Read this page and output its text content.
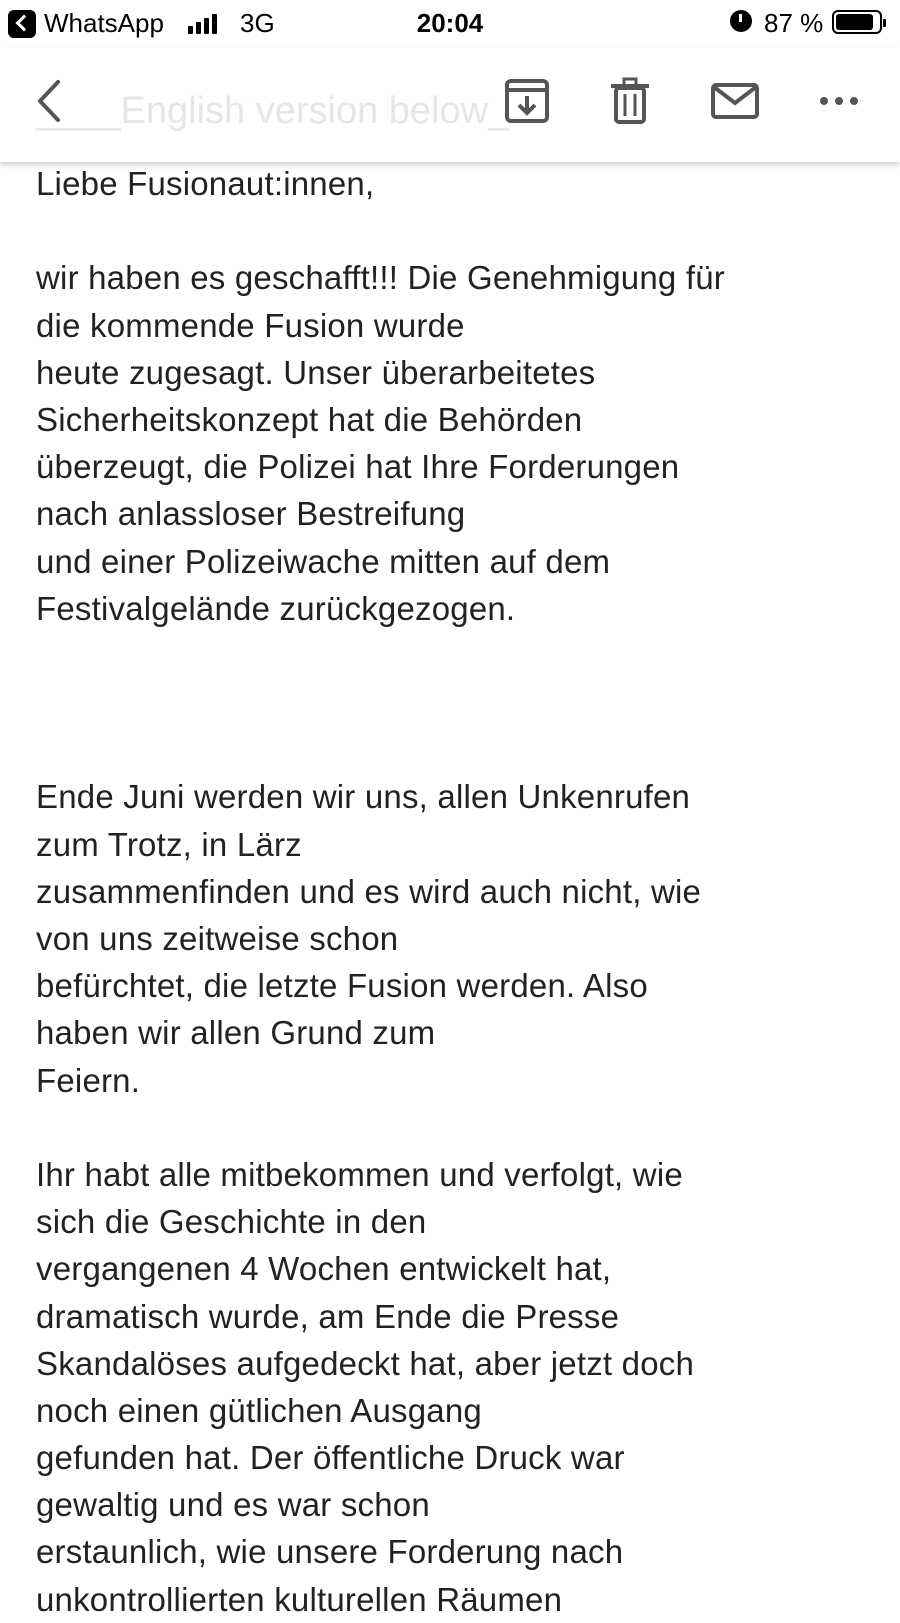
WhatsApp	3G	20:04	87 %
____English version below_
Liebe Fusionaut:innen,
wir haben es geschafft!!! Die Genehmigung für
die kommende Fusion wurde
heute zugesagt. Unser überarbeitetes
Sicherheitskonzept hat die Behörden
überzeugt, die Polizei hat Ihre Forderungen
nach anlassloser Bestreifung
und einer Polizeiwache mitten auf dem
Festivalgelände zurückgezogen.
Ende Juni werden wir uns, allen Unkenrufen
zum Trotz, in Lärz
zusammenfinden und es wird auch nicht, wie
von uns zeitweise schon
befürchtet, die letzte Fusion werden. Also
haben wir allen Grund zum
Feiern.
Ihr habt alle mitbekommen und verfolgt, wie
sich die Geschichte in den
vergangenen 4 Wochen entwickelt hat,
dramatisch wurde, am Ende die Presse
Skandalöses aufgedeckt hat, aber jetzt doch
noch einen gütlichen Ausgang
gefunden hat. Der öffentliche Druck war
gewaltig und es war schon
erstaunlich, wie unsere Forderung nach
unkontrollierten kulturellen Räumen
